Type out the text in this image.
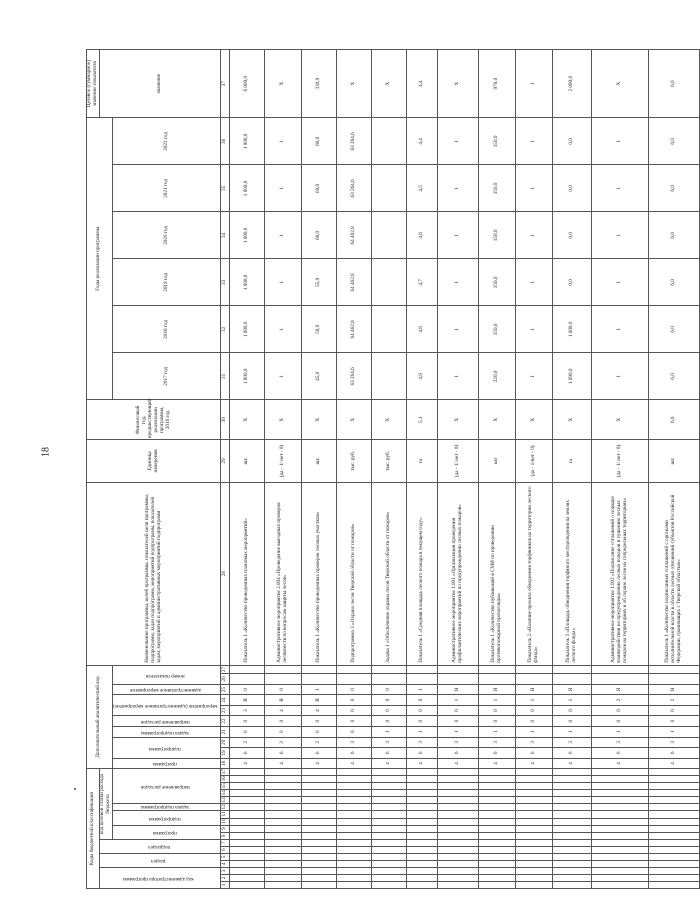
18
Коды бюджетной классификации																	Дополнительный аналитический код										Наименование программы, целей программы, показателей цели программы, подпрограмм, задач подпрограмм, мероприятий подпрограмм, показателей задач, мероприятий и административных мероприятий подпрограмм	Единица измерения	Финансовый год, предшествующий реализации программы, 2016 год	Годы реализации программы						Целевое (суммарное) значение показателя
код администратора программы			раздел		подраздел		код целевой статьи расхода бюджета																													значение
							программа		подпрограмма		задача подпрограммы	направление расходов																		2017 год	2018 год	2019 год	2020 год	2021 год	2022 год	
																	программа	подпрограмма		задача подпрограммы	направление расходов	мероприятие (административное мероприятие)		административное мероприятие	номер показателя											
1	2	3	4	5	6	7	8	9	10	11	12	13	14	15	16	17	18	19	20	21	22	23	24	25	26	27	28	29	30	31	32	33	34	35	36	37
																	4	6	2	0	0	3	Я	0			Показатель 1 «Количество проведенных плановых мероприятий»	шт.	Х	1 000,0	1 000,0	1 000,0	1 000,0	1 000,0	1 000,0	6 000,0
																	4	6	2	0	0	4	Я	0			Административное мероприятие 2.004 «Проведение выездных проверок лесничеств по вопросам защиты лесов»	(да - 1/ нет - 0)	Х	1	1	1	1	1	1	Х
																	4	6	2	0	0	4	Я	1			Показатель 1 «Количество проведенных проверок лесных участков»	шт.	Х	45,0	50,0	55,0	60,0	60,0	60,0	330,0
																	4	6	3	0	0	0	0	0			Подпрограмма 3 «Охрана лесов Тверской области от пожаров»	тыс. руб.	Х	63 264,6	64 462,8	64 462,8	64 462,8	63 264,6	63 264,6	Х
																	4	6	3	1	0	0	0	0			Задача 1 «Обеспечение охраны лесов Тверской области от пожаров»	тыс. руб.	Х							Х
																	4	6	3	1	0	0	0	1			Показатель 1 «Средняя площадь лесного пожара в текущем году»	га	5,1	4,9	4,8	4,7	4,6	4,5	4,4	4,4
																	4	6	3	1	0	0	1	Я			Административное мероприятие 1.001 «Организация проведения профилактических мероприятий по предупреждению лесных пожаров»	(да - 1/ нет - 0)	Х	1	1	1	1	1	1	Х
																	4	6	3	1	0	0	1	Я			Показатель 1 «Количество публикаций в СМИ по проведению противопожарной пропаганды»	шт	Х	220,0	150,0	150,0	150,0	150,0	150,0	970,0
																	4	6	3	1	0	0	1	Я			Показатель 2 «Наличие проекта обводнения торфяников на территории лесного фонда»	(да - 1/нет - 0)	Х	1	1	1	1	1	1	1
																	4	6	3	1	0	0	1	Я			Показатель 3 «Площадь обводнения торфяного месторождения на землях лесного фонда»	га	Х	1 090,0	1 000,0	0,0	0,0	0,0	0,0	2 090,0
																	4	6	3	1	0	0	2	Я			Административное мероприятие 1.002 «Подписание соглашений о порядке взаимодействия по предупреждению лесных пожаров и тушению лесных пожаров на территориях и об охране лесов на сопредельных территориях»	(да - 1/ нет - 0)	Х	1	1	1	1	1	1	Х
																	4	6	3	1	0	0	2	Я			Показатель 1 «Количество подписанных соглашений с органами исполнительной власти в области лесных отношений субъектов Российской Федерации, граничащих с Тверской областью»	шт.	6,0	6,0	6,0	6,0	6,0	6,0	6,0	6,0
